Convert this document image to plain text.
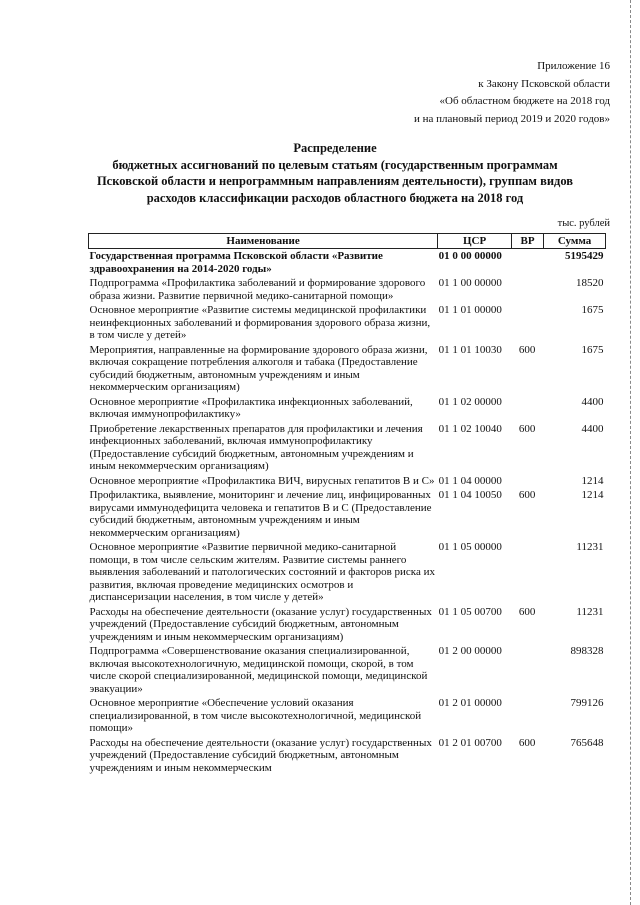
Приложение 16
к Закону Псковской области
«Об областном бюджете на 2018 год
и на плановый период 2019 и 2020 годов»
Распределение
бюджетных ассигнований по целевым статьям (государственным программам
Псковской области и непрограммным направлениям деятельности), группам видов
расходов классификации расходов областного бюджета на 2018 год
тыс. рублей
Наименование	ЦСР	ВР	Сумма
Государственная программа Псковской области «Развитие здравоохранения на 2014-2020 годы»	01 0 00 00000		5195429
Подпрограмма «Профилактика заболеваний и формирование здорового образа жизни. Развитие первичной медико-санитарной помощи»	01 1 00 00000		18520
Основное мероприятие «Развитие системы медицинской профилактики неинфекционных заболеваний и формирования здорового образа жизни, в том числе у детей»	01 1 01 00000		1675
Мероприятия, направленные на формирование здорового образа жизни, включая сокращение потребления алкоголя и табака (Предоставление субсидий бюджетным, автономным учреждениям и иным некоммерческим организациям)	01 1 01 10030	600	1675
Основное мероприятие «Профилактика инфекционных заболеваний, включая иммунопрофилактику»	01 1 02 00000		4400
Приобретение лекарственных препаратов для профилактики и лечения инфекционных заболеваний, включая иммунопрофилактику (Предоставление субсидий бюджетным, автономным учреждениям и иным некоммерческим организациям)	01 1 02 10040	600	4400
Основное мероприятие «Профилактика ВИЧ, вирусных гепатитов В и С»	01 1 04 00000		1214
Профилактика, выявление, мониторинг и лечение лиц, инфицированных вирусами иммунодефицита человека и гепатитов В и С (Предоставление субсидий бюджетным, автономным учреждениям и иным некоммерческим организациям)	01 1 04 10050	600	1214
Основное мероприятие «Развитие первичной медико-санитарной помощи, в том числе сельским жителям. Развитие системы раннего выявления заболеваний и патологических состояний и факторов риска их развития, включая проведение медицинских осмотров и диспансеризации населения, в том числе у детей»	01 1 05 00000		11231
Расходы на обеспечение деятельности (оказание услуг) государственных учреждений (Предоставление субсидий бюджетным, автономным учреждениям и иным некоммерческим организациям)	01 1 05 00700	600	11231
Подпрограмма «Совершенствование оказания специализированной, включая высокотехнологичную, медицинской помощи, скорой, в том числе скорой специализированной, медицинской помощи, медицинской эвакуации»	01 2 00 00000		898328
Основное мероприятие «Обеспечение условий оказания специализированной, в том числе высокотехнологичной, медицинской помощи»	01 2 01 00000		799126
Расходы на обеспечение деятельности (оказание услуг) государственных учреждений (Предоставление субсидий бюджетным, автономным учреждениям и иным некоммерческим	01 2 01 00700	600	765648
